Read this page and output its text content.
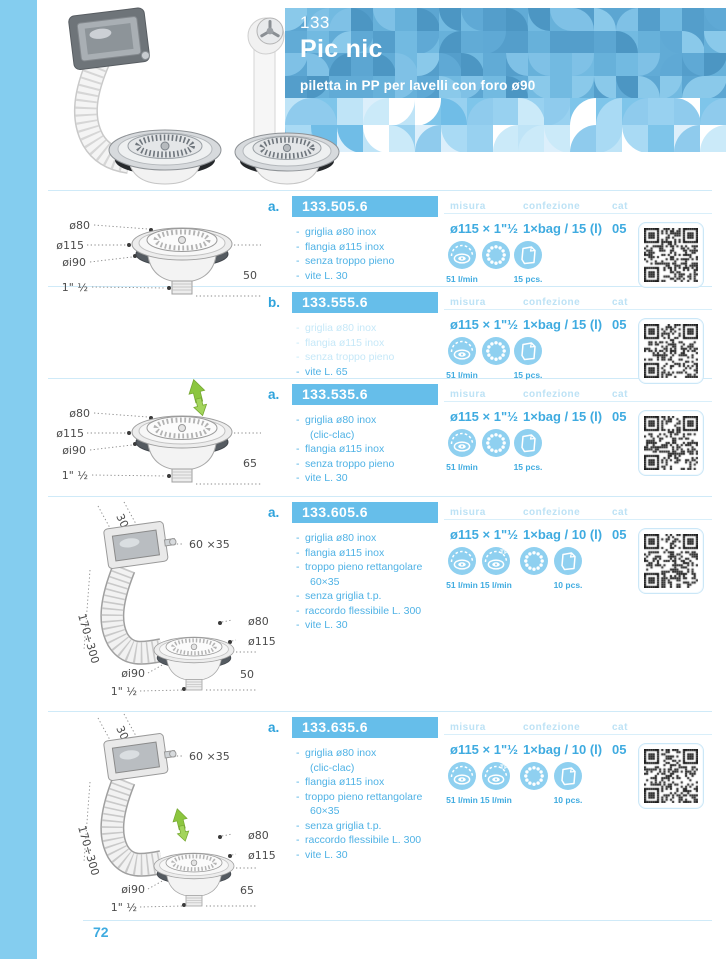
133
Pic nic
piletta in PP per lavelli con foro ø90
ø80
ø115
øi90
1" ½
50
ø80
ø115
øi90
1" ½
65
30
60 ×35
170÷300	ø80
ø115
50
øi90
1" ½
30
60 ×35
170÷300	ø80
ø115
65
øi90
1" ½
a.	133.505.6	misura	confezione	cat
- griglia ø80 inox
- flangia ø115 inox
- senza troppo pieno
- vite L. 30
ø115 × 1"½ 1×bag / 15 (l) 05
51 l/min	15 pcs.
b.	133.555.6	misura	confezione	cat
- griglia ø80 inox
- flangia ø115 inox
- senza troppo pieno
- vite L. 65
ø115 × 1"½ 1×bag / 15 (l) 05
51 l/min	15 pcs.
a.	133.535.6	misura	confezione	cat
- griglia ø80 inox
(clic-clac)
- flangia ø115 inox
- senza troppo pieno
- vite L. 30
ø115 × 1"½ 1×bag / 15 (l) 05
51 l/min	15 pcs.
a.	133.605.6	misura	confezione	cat
- griglia ø80 inox
- flangia ø115 inox
- troppo pieno rettangolare
60×35
- senza griglia t.p.
- raccordo flessibile L. 300
- vite L. 30
ø115 × 1"½ 1×bag / 10 (l) 05
TP
51 l/min 15 l/min	10 pcs.
a.	133.635.6	misura	confezione	cat
- griglia ø80 inox
(clic-clac)
- flangia ø115 inox
- troppo pieno rettangolare
60×35
- senza griglia t.p.
- raccordo flessibile L. 300
- vite L. 30
ø115 × 1"½ 1×bag / 10 (l) 05
TP
51 l/min 15 l/min	10 pcs.
72
